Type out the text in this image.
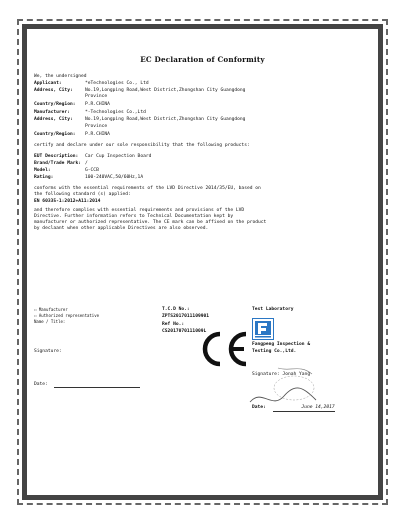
EC Declaration of Conformity
We, the undersigned
Applicant:	*eTechnologies Co., Ltd
Address, City:	No.19,Longping Road,West District,Zhongshan City Guangdong
Province
Country/Region: P.R.CHINA
Manufacturer:	*-Technologies Co.,Ltd
Address, City:	No.19,Longping Road,West District,Zhongshan City Guangdong
Province
Country/Region: P.R.CHINA
certify and declare under our sole responsibility that the following products:
EUT Description: Car Cup Inspection Board
Brand/Trade Mark: /
Model:	G-CCB
Rating:	100-240VAC,50/60Hz,1A
conforms with the essential requirements of the LVD Directive 2014/35/EU, based on
the following standard (s) applied:
EN 60335-1:2012+A11:2014
and therefore complies with essential requirements and provisions of the LVD
Directive. Further information refers to Technical Documentation kept by
manufacturer or authorized representative. The CE mark can be affixed on the product
by declaant when other applicable Directives are also observed.
☐ Manufacturer
☐ Authorized representative
Name / Title:
Signature:
Date:
T.C.D No.:
ZPTS2017011109901
Ref No.:
CS2017070111009L
Test Laboratory
Fangpeng Inspection &
Testing Co.,Ltd.
Signature: Jonah Yang
Date:	June 14,2017
